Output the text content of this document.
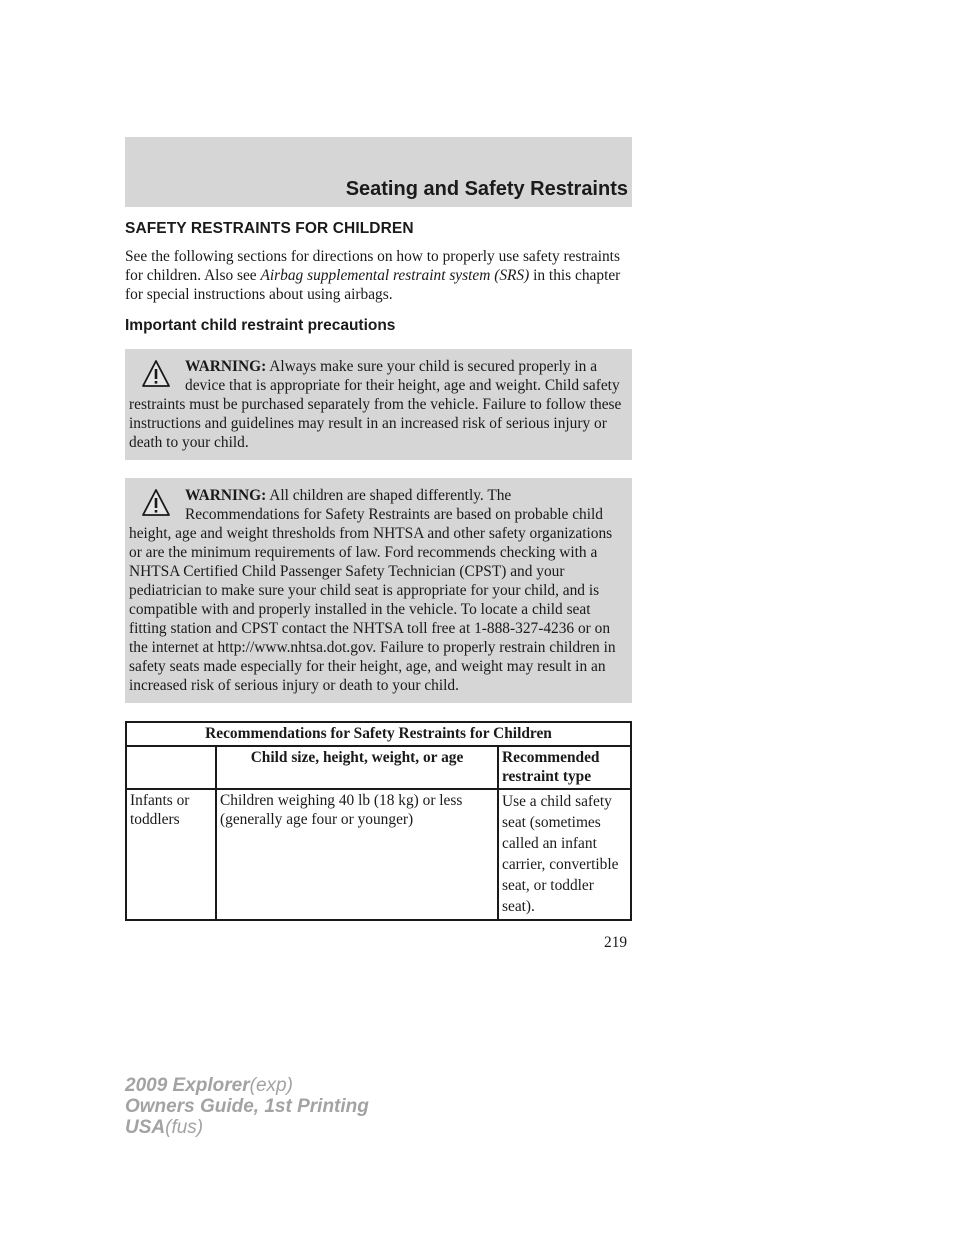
Seating and Safety Restraints
SAFETY RESTRAINTS FOR CHILDREN

See the following sections for directions on how to properly use safety restraints for children. Also see Airbag supplemental restraint system (SRS) in this chapter for special instructions about using airbags.

Important child restraint precautions
WARNING: Always make sure your child is secured properly in a device that is appropriate for their height, age and weight. Child safety restraints must be purchased separately from the vehicle. Failure to follow these instructions and guidelines may result in an increased risk of serious injury or death to your child.
WARNING: All children are shaped differently. The Recommendations for Safety Restraints are based on probable child height, age and weight thresholds from NHTSA and other safety organizations or are the minimum requirements of law. Ford recommends checking with a NHTSA Certified Child Passenger Safety Technician (CPST) and your pediatrician to make sure your child seat is appropriate for your child, and is compatible with and properly installed in the vehicle. To locate a child seat fitting station and CPST contact the NHTSA toll free at 1-888-327-4236 or on the internet at http://www.nhtsa.dot.gov. Failure to properly restrain children in safety seats made especially for their height, age, and weight may result in an increased risk of serious injury or death to your child.
Recommendations for Safety Restraints for Children		
	Child size, height, weight, or age	Recommended restraint type
Infants or toddlers	Children weighing 40 lb (18 kg) or less (generally age four or younger)	Use a child safety seat (sometimes called an infant carrier, convertible seat, or toddler seat).
219
2009 Explorer(exp)
Owners Guide, 1st Printing
USA(fus)
